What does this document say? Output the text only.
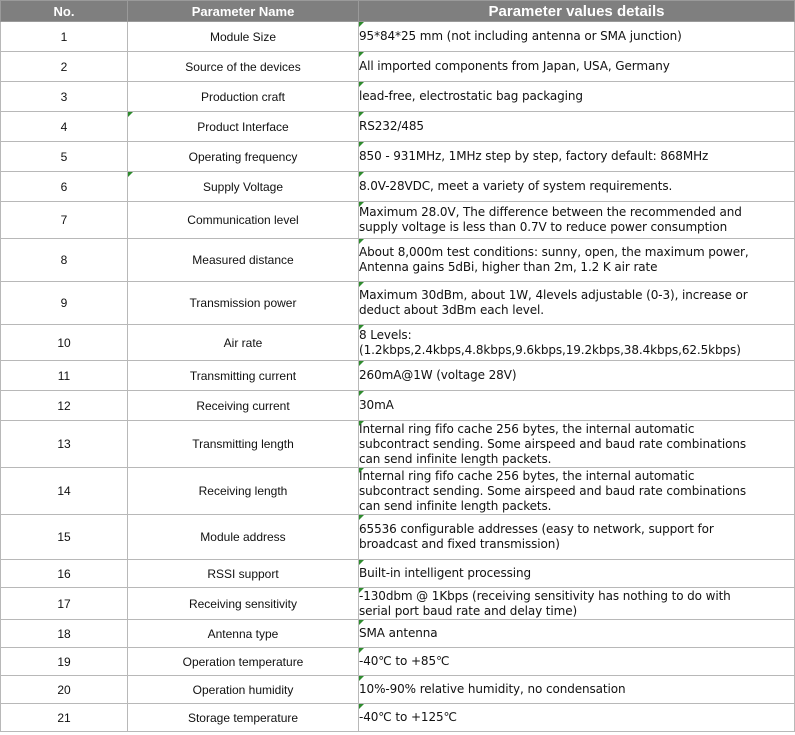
No.	Parameter Name	Parameter values details
1	Module Size	95*84*25 mm (not including antenna or SMA junction)
2	Source of the devices	All imported components from Japan, USA, Germany
3	Production craft	lead-free, electrostatic bag packaging
4	Product Interface	RS232/485
5	Operating frequency	850 - 931MHz, 1MHz step by step, factory default: 868MHz
6	Supply Voltage	8.0V-28VDC, meet a variety of system requirements.
7	Communication level	Maximum 28.0V, The difference between the recommended and
supply voltage is less than 0.7V to reduce power consumption
8	Measured distance	About 8,000m test conditions: sunny, open, the maximum power,
Antenna gains 5dBi, higher than 2m, 1.2 K air rate
9	Transmission power	Maximum 30dBm, about 1W, 4levels adjustable (0-3), increase or
deduct about 3dBm each level.
10	Air rate	8 Levels:
(1.2kbps,2.4kbps,4.8kbps,9.6kbps,19.2kbps,38.4kbps,62.5kbps)
11	Transmitting current	260mA@1W (voltage 28V)
12	Receiving current	30mA
13	Transmitting length	Internal ring fifo cache 256 bytes, the internal automatic
subcontract sending. Some airspeed and baud rate combinations
can send infinite length packets.
14	Receiving length	Internal ring fifo cache 256 bytes, the internal automatic
subcontract sending. Some airspeed and baud rate combinations
can send infinite length packets.
15	Module address	65536 configurable addresses (easy to network, support for
broadcast and fixed transmission)
16	RSSI support	Built-in intelligent processing
17	Receiving sensitivity	-130dbm @ 1Kbps (receiving sensitivity has nothing to do with
serial port baud rate and delay time)
18	Antenna type	SMA antenna
19	Operation temperature	-40℃ to +85℃
20	Operation humidity	10%-90% relative humidity, no condensation
21	Storage temperature	-40℃ to +125℃
